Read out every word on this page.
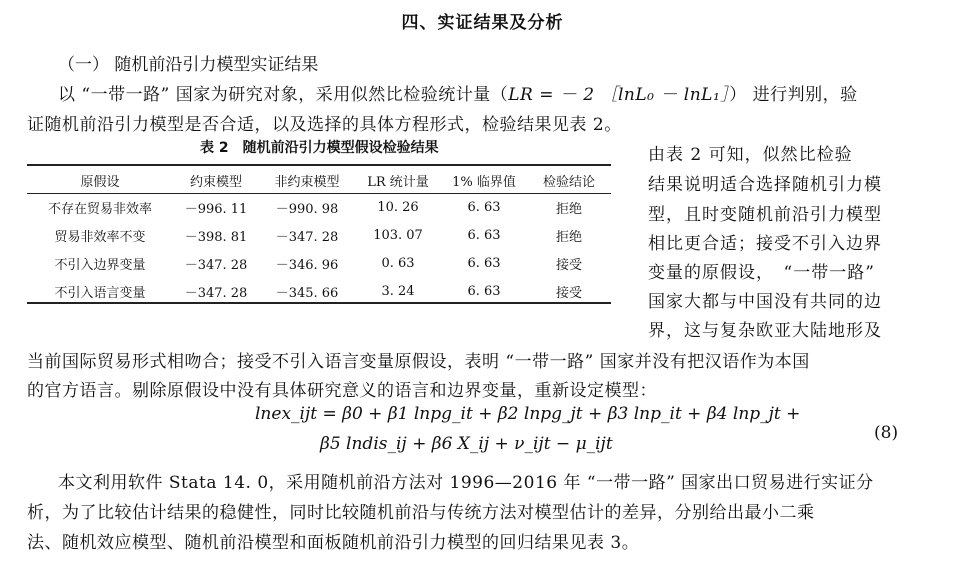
四、实证结果及分析
（一） 随机前沿引力模型实证结果
以 “一带一路” 国家为研究对象，采用似然比检验统计量（LR = － 2 ［lnL₀ － lnL₁］） 进行判别，验
证随机前沿引力模型是否合适，以及选择的具体方程形式，检验结果见表 2。
表 2　随机前沿引力模型假设检验结果
原假设	约束模型	非约束模型	LR 统计量	1% 临界值	检验结论
不存在贸易非效率	－996. 11	－990. 98	10. 26	6. 63	拒绝
贸易非效率不变	－398. 81	－347. 28	103. 07	6. 63	拒绝
不引入边界变量	－347. 28	－346. 96	0. 63	6. 63	接受
不引入语言变量	－347. 28	－345. 66	3. 24	6. 63	接受
由表 2 可知，似然比检验
结果说明适合选择随机引力模
型，且时变随机前沿引力模型
相比更合适；接受不引入边界
变量的原假设，　“一带一路”
国家大都与中国没有共同的边
界，这与复杂欧亚大陆地形及
当前国际贸易形式相吻合；接受不引入语言变量原假设，表明 “一带一路” 国家并没有把汉语作为本国
的官方语言。剔除原假设中没有具体研究意义的语言和边界变量，重新设定模型：
lnex_ijt = β0 + β1 lnpg_it + β2 lnpg_jt + β3 lnp_it + β4 lnp_jt +
β5 lndis_ij + β6 X_ij + ν_ijt − μ_ijt
(8)
本文利用软件 Stata 14. 0，采用随机前沿方法对 1996—2016 年 “一带一路” 国家出口贸易进行实证分
析，为了比较估计结果的稳健性，同时比较随机前沿与传统方法对模型估计的差异，分别给出最小二乘
法、随机效应模型、随机前沿模型和面板随机前沿引力模型的回归结果见表 3。
